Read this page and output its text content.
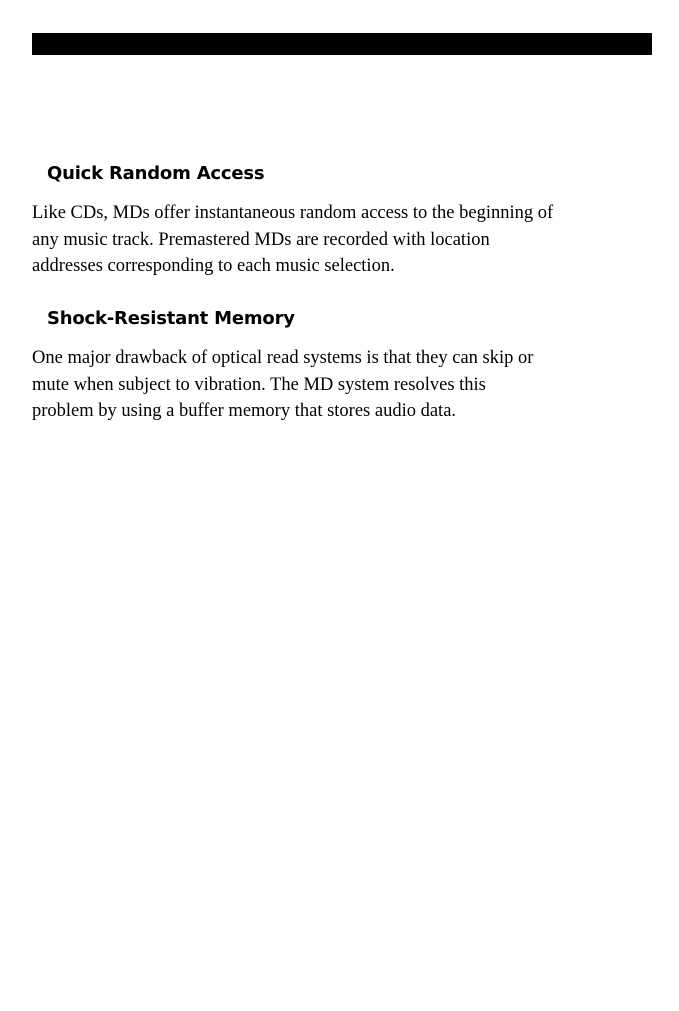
Quick Random Access

Like CDs, MDs offer instantaneous random access to the beginning of
any music track. Premastered MDs are recorded with location
addresses corresponding to each music selection.

Shock-Resistant Memory

One major drawback of optical read systems is that they can skip or
mute when subject to vibration. The MD system resolves this
problem by using a buffer memory that stores audio data.
